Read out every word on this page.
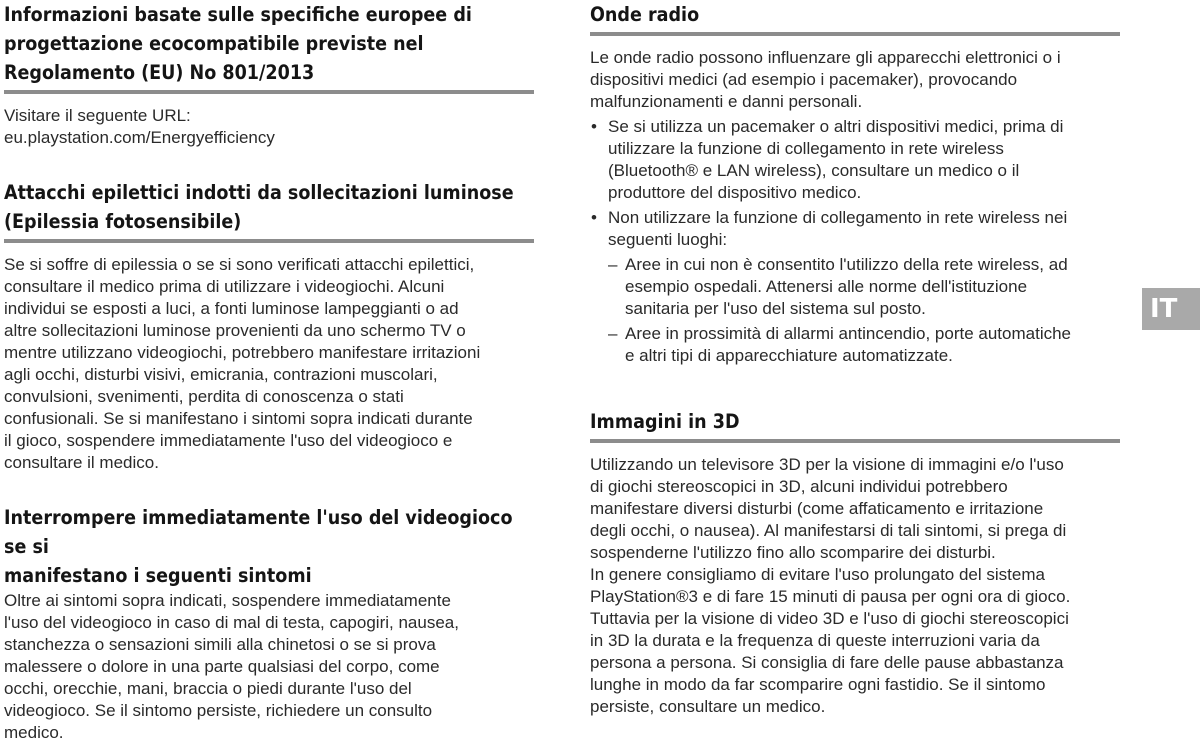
Informazioni basate sulle specifiche europee di
progettazione ecocompatibile previste nel
Regolamento (EU) No 801/2013

Visitare il seguente URL:
eu.playstation.com/Energyefficiency

Attacchi epilettici indotti da sollecitazioni luminose
(Epilessia fotosensibile)

Se si soffre di epilessia o se si sono verificati attacchi epilettici,
consultare il medico prima di utilizzare i videogiochi. Alcuni
individui se esposti a luci, a fonti luminose lampeggianti o ad
altre sollecitazioni luminose provenienti da uno schermo TV o
mentre utilizzano videogiochi, potrebbero manifestare irritazioni
agli occhi, disturbi visivi, emicrania, contrazioni muscolari,
convulsioni, svenimenti, perdita di conoscenza o stati
confusionali. Se si manifestano i sintomi sopra indicati durante
il gioco, sospendere immediatamente l'uso del videogioco e
consultare il medico.

Interrompere immediatamente l'uso del videogioco se si
manifestano i seguenti sintomi

Oltre ai sintomi sopra indicati, sospendere immediatamente
l'uso del videogioco in caso di mal di testa, capogiri, nausea,
stanchezza o sensazioni simili alla chinetosi o se si prova
malessere o dolore in una parte qualsiasi del corpo, come
occhi, orecchie, mani, braccia o piedi durante l'uso del
videogioco. Se il sintomo persiste, richiedere un consulto
medico.

Onde radio

Le onde radio possono influenzare gli apparecchi elettronici o i
dispositivi medici (ad esempio i pacemaker), provocando
malfunzionamenti e danni personali.

• Se si utilizza un pacemaker o altri dispositivi medici, prima di
utilizzare la funzione di collegamento in rete wireless
(Bluetooth® e LAN wireless), consultare un medico o il
produttore del dispositivo medico.
• Non utilizzare la funzione di collegamento in rete wireless nei
seguenti luoghi:
– Aree in cui non è consentito l'utilizzo della rete wireless, ad
esempio ospedali. Attenersi alle norme dell'istituzione
sanitaria per l'uso del sistema sul posto.
– Aree in prossimità di allarmi antincendio, porte automatiche
e altri tipi di apparecchiature automatizzate.
Immagini in 3D

Utilizzando un televisore 3D per la visione di immagini e/o l'uso
di giochi stereoscopici in 3D, alcuni individui potrebbero
manifestare diversi disturbi (come affaticamento e irritazione
degli occhi, o nausea). Al manifestarsi di tali sintomi, si prega di
sospenderne l'utilizzo fino allo scomparire dei disturbi.
In genere consigliamo di evitare l'uso prolungato del sistema
PlayStation®3 e di fare 15 minuti di pausa per ogni ora di gioco.
Tuttavia per la visione di video 3D e l'uso di giochi stereoscopici
in 3D la durata e la frequenza di queste interruzioni varia da
persona a persona. Si consiglia di fare delle pause abbastanza
lunghe in modo da far scomparire ogni fastidio. Se il sintomo
persiste, consultare un medico.

IT
